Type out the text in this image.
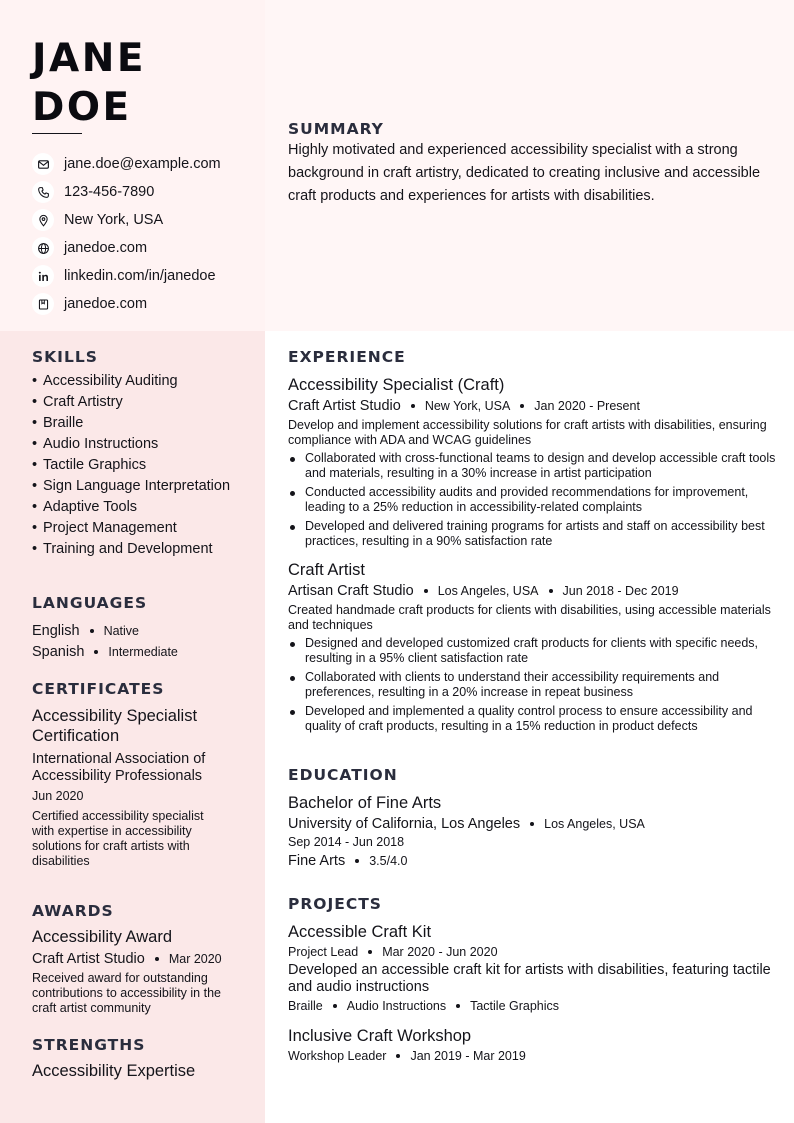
JANE
DOE
jane.doe@example.com
123-456-7890
New York, USA
janedoe.com
linkedin.com/in/janedoe
janedoe.com
SUMMARY

Highly motivated and experienced accessibility specialist with a strong background in craft artistry, dedicated to creating inclusive and accessible craft products and experiences for artists with disabilities.

SKILLS
• Accessibility Auditing
• Craft Artistry
• Braille
• Audio Instructions
• Tactile Graphics
• Sign Language Interpretation
• Adaptive Tools
• Project Management
• Training and Development
LANGUAGES
English Native
Spanish Intermediate
CERTIFICATES
Accessibility Specialist Certification
International Association of Accessibility Professionals
Jun 2020
Certified accessibility specialist with expertise in accessibility solutions for craft artists with disabilities
AWARDS
Accessibility Award
Craft Artist Studio Mar 2020
Received award for outstanding contributions to accessibility in the craft artist community
STRENGTHS
Accessibility Expertise
EXPERIENCE
Accessibility Specialist (Craft)
Craft Artist Studio New York, USA Jan 2020 - Present
Develop and implement accessibility solutions for craft artists with disabilities, ensuring compliance with ADA and WCAG guidelines
Collaborated with cross-functional teams to design and develop accessible craft tools and materials, resulting in a 30% increase in artist participation
Conducted accessibility audits and provided recommendations for improvement, leading to a 25% reduction in accessibility-related complaints
Developed and delivered training programs for artists and staff on accessibility best practices, resulting in a 90% satisfaction rate
Craft Artist
Artisan Craft Studio Los Angeles, USA Jun 2018 - Dec 2019
Created handmade craft products for clients with disabilities, using accessible materials and techniques
Designed and developed customized craft products for clients with specific needs, resulting in a 95% client satisfaction rate
Collaborated with clients to understand their accessibility requirements and preferences, resulting in a 20% increase in repeat business
Developed and implemented a quality control process to ensure accessibility and quality of craft products, resulting in a 15% reduction in product defects
EDUCATION
Bachelor of Fine Arts
University of California, Los Angeles Los Angeles, USA
Sep 2014 - Jun 2018
Fine Arts 3.5/4.0
PROJECTS
Accessible Craft Kit
Project Lead Mar 2020 - Jun 2020
Developed an accessible craft kit for artists with disabilities, featuring tactile and audio instructions
Braille Audio Instructions Tactile Graphics
Inclusive Craft Workshop
Workshop Leader Jan 2019 - Mar 2019
